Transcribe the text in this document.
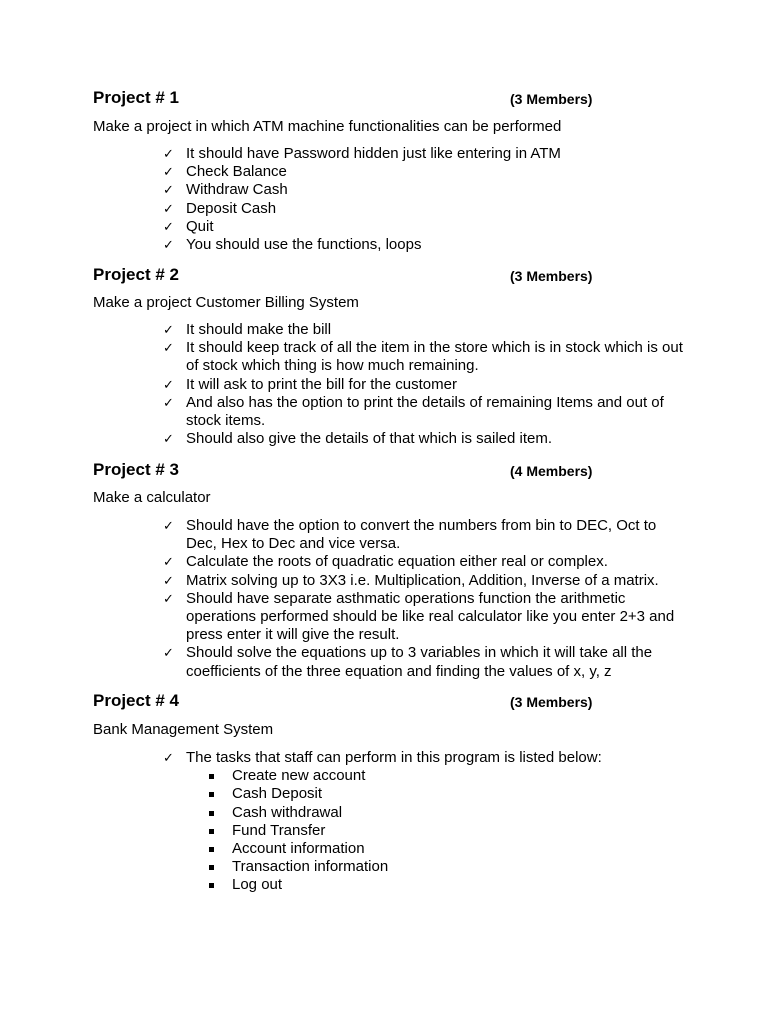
Project # 1	(3 Members)
Make a project in which ATM machine functionalities can be performed
✓ It should have Password hidden just like entering in ATM
✓ Check Balance
✓ Withdraw Cash
✓ Deposit Cash
✓ Quit
✓ You should use the functions, loops
Project # 2	(3 Members)
Make a project Customer Billing System
✓ It should make the bill
✓ It should keep track of all the item in the store which is in stock which is out of stock which thing is how much remaining.
✓ It will ask to print the bill for the customer
✓ And also has the option to print the details of remaining Items and out of stock items.
✓ Should also give the details of that which is sailed item.
Project # 3	(4 Members)
Make a calculator
✓ Should have the option to convert the numbers from bin to DEC, Oct to Dec, Hex to Dec and vice versa.
✓ Calculate the roots of quadratic equation either real or complex.
✓ Matrix solving up to 3X3 i.e. Multiplication, Addition, Inverse of a matrix.
✓ Should have separate asthmatic operations function the arithmetic operations performed should be like real calculator like you enter 2+3 and press enter it will give the result.
✓ Should solve the equations up to 3 variables in which it will take all the coefficients of the three equation and finding the values of x, y, z
Project # 4	(3 Members)
Bank Management System
✓ The tasks that staff can perform in this program is listed below:
Create new account
Cash Deposit
Cash withdrawal
Fund Transfer
Account information
Transaction information
Log out
